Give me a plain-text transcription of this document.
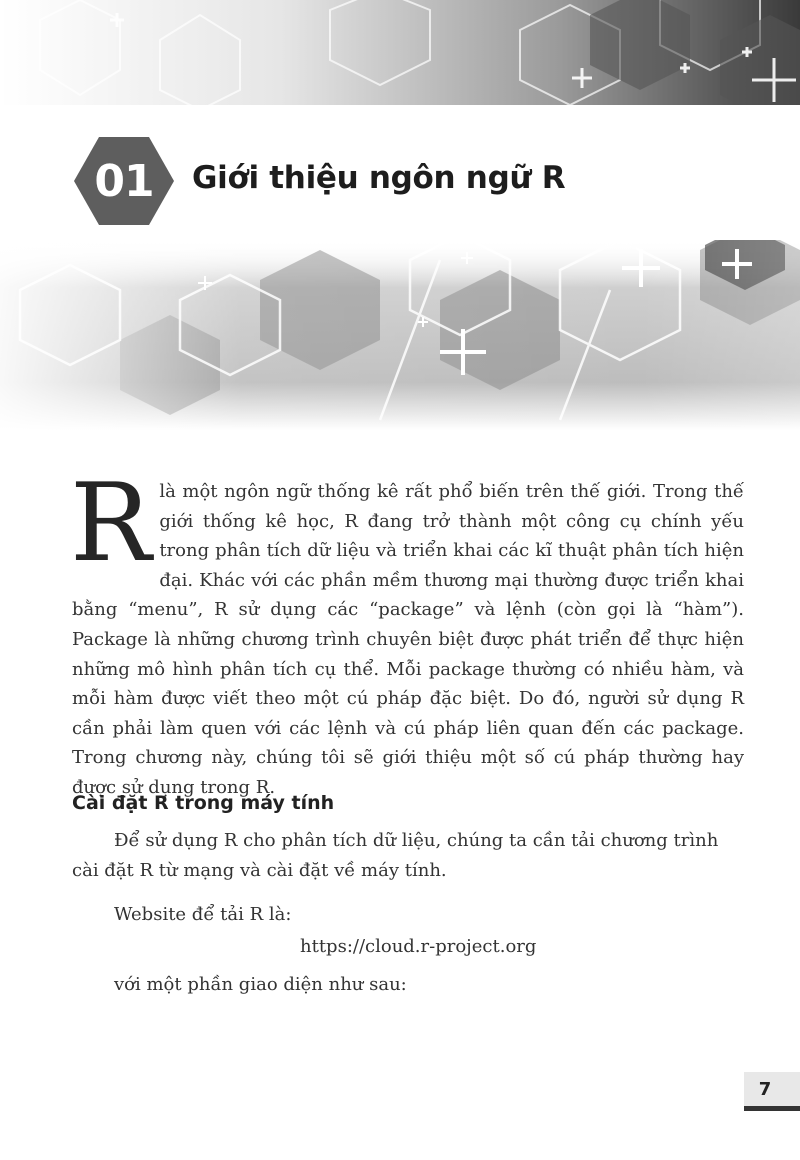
01	Giới thiệu ngôn ngữ R
R là một ngôn ngữ thống kê rất phổ biến trên thế giới. Trong thế giới thống kê học, R đang trở thành một công cụ chính yếu trong phân tích dữ liệu và triển khai các kĩ thuật phân tích hiện đại. Khác với các phần mềm thương mại thường được triển khai bằng “menu”, R sử dụng các “package” và lệnh (còn gọi là “hàm”). Package là những chương trình chuyên biệt được phát triển để thực hiện những mô hình phân tích cụ thể. Mỗi package thường có nhiều hàm, và mỗi hàm được viết theo một cú pháp đặc biệt. Do đó, người sử dụng R cần phải làm quen với các lệnh và cú pháp liên quan đến các package. Trong chương này, chúng tôi sẽ giới thiệu một số cú pháp thường hay được sử dụng trong R.
Cài đặt R trong máy tính
Để sử dụng R cho phân tích dữ liệu, chúng ta cần tải chương trình cài đặt R từ mạng và cài đặt về máy tính.
Website để tải R là:
https://cloud.r-project.org
với một phần giao diện như sau:
7
